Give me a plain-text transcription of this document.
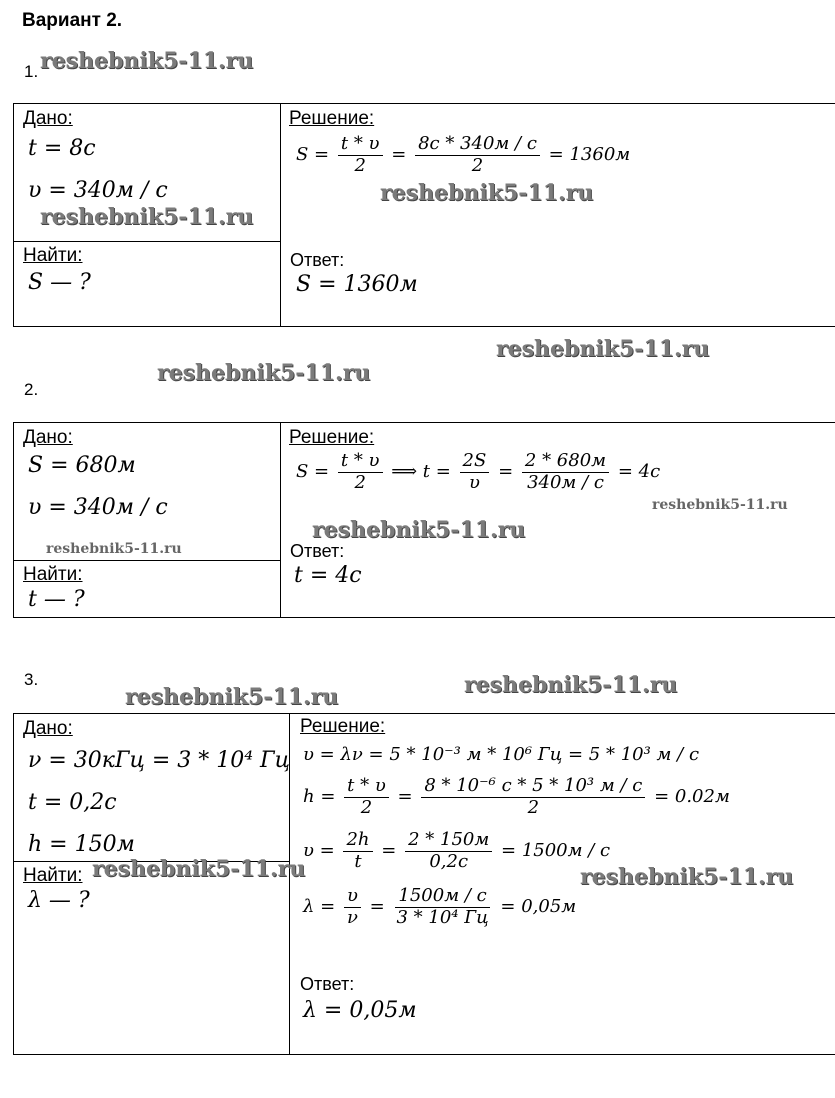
Вариант 2.
1. reshebnik5-11.ru
Дано:
t = 8с
υ = 340м / с
reshebnik5-11.ru
Найти:
S — ?
Решение:
$S = \frac{t * \upsilon}{2} = \frac{8с * 340м / с}{2} = 1360м$
reshebnik5-11.ru
Ответ:
S = 1360м
reshebnik5-11.ru
reshebnik5-11.ru
2.
Дано:
S = 680м
υ = 340м / с
reshebnik5-11.ru
Найти:
t — ?
Решение:
$S = \frac{t * \upsilon}{2}$ ⟹ $t = \frac{2S}{\upsilon} = \frac{2 * 680м}{340м / с} = 4с$
reshebnik5-11.ru
reshebnik5-11.ru
Ответ:
t = 4с
3.	reshebnik5-11.ru
reshebnik5-11.ru
Дано:
ν = 30кГц = 3 * 10⁴ Гц
t = 0,2с
h = 150м
Найти: reshebnik5-11.ru
λ — ?
Решение:
υ = λν = 5 * 10⁻³ м * 10⁶ Гц = 5 * 10³ м / с
$h = \frac{t * \upsilon}{2} = \frac{\text{8 * 10⁻⁶ с * 5 * 10³ м / с}}{2} = 0.02м$
$\upsilon = \frac{2h}{t} = \frac{2 * 150м}{0,2с} = 1500м / с$
reshebnik5-11.ru
$\lambda = \frac{\upsilon}{\nu} = \frac{1500м / с}{\text{3 * 10⁴ Гц}} = 0,05м$
Ответ:
λ = 0,05м
